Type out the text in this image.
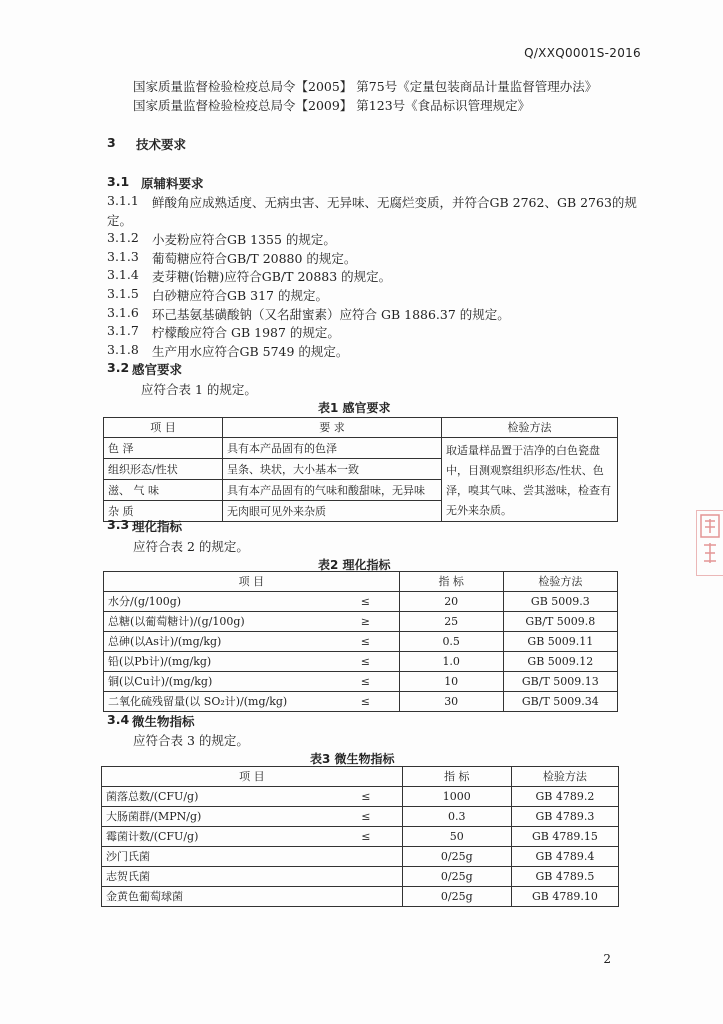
Q/XXQ0001S-2016
国家质量监督检验检疫总局令【2005】 第75号《定量包装商品计量监督管理办法》
国家质量监督检验检疫总局令【2009】 第123号《食品标识管理规定》
3 技术要求
3.1 原辅料要求
3.1.1 鲜酸角应成熟适度、无病虫害、无异味、无腐烂变质，并符合GB 2762、GB 2763的规
定。
3.1.2 小麦粉应符合GB 1355 的规定。
3.1.3 葡萄糖应符合GB/T 20880 的规定。
3.1.4 麦芽糖(饴糖)应符合GB/T 20883 的规定。
3.1.5 白砂糖应符合GB 317 的规定。
3.1.6 环己基氨基磺酸钠（又名甜蜜素）应符合 GB 1886.37 的规定。
3.1.7 柠檬酸应符合 GB 1987 的规定。
3.1.8 生产用水应符合GB 5749 的规定。
3.2 感官要求
应符合表 1 的规定。
表1 感官要求
项 目	要 求	检验方法
色 泽	具有本产品固有的色泽	取适量样品置于洁净的白色瓷盘中，目测观察组织形态/性状、色泽，嗅其气味、尝其滋味，检查有无外来杂质。
组织形态/性状	呈条、块状，大小基本一致	
滋、 气 味	具有本产品固有的气味和酸甜味，无异味	
杂 质	无肉眼可见外来杂质	
3.3 理化指标
应符合表 2 的规定。
表2 理化指标
项 目		指 标	检验方法
水分/(g/100g)	≤	20	GB 5009.3
总糖(以葡萄糖计)/(g/100g)	≥	25	GB/T 5009.8
总砷(以As计)/(mg/kg)	≤	0.5	GB 5009.11
铅(以Pb计)/(mg/kg)	≤	1.0	GB 5009.12
铜(以Cu计)/(mg/kg)	≤	10	GB/T 5009.13
二氧化硫残留量(以 SO₂计)/(mg/kg)	≤	30	GB/T 5009.34
3.4 微生物指标
应符合表 3 的规定。
表3 微生物指标
项 目		指 标	检验方法
菌落总数/(CFU/g)	≤	1000	GB 4789.2
大肠菌群/(MPN/g)	≤	0.3	GB 4789.3
霉菌计数/(CFU/g)	≤	50	GB 4789.15
沙门氏菌		0/25g	GB 4789.4
志贺氏菌		0/25g	GB 4789.5
金黄色葡萄球菌		0/25g	GB 4789.10
2
